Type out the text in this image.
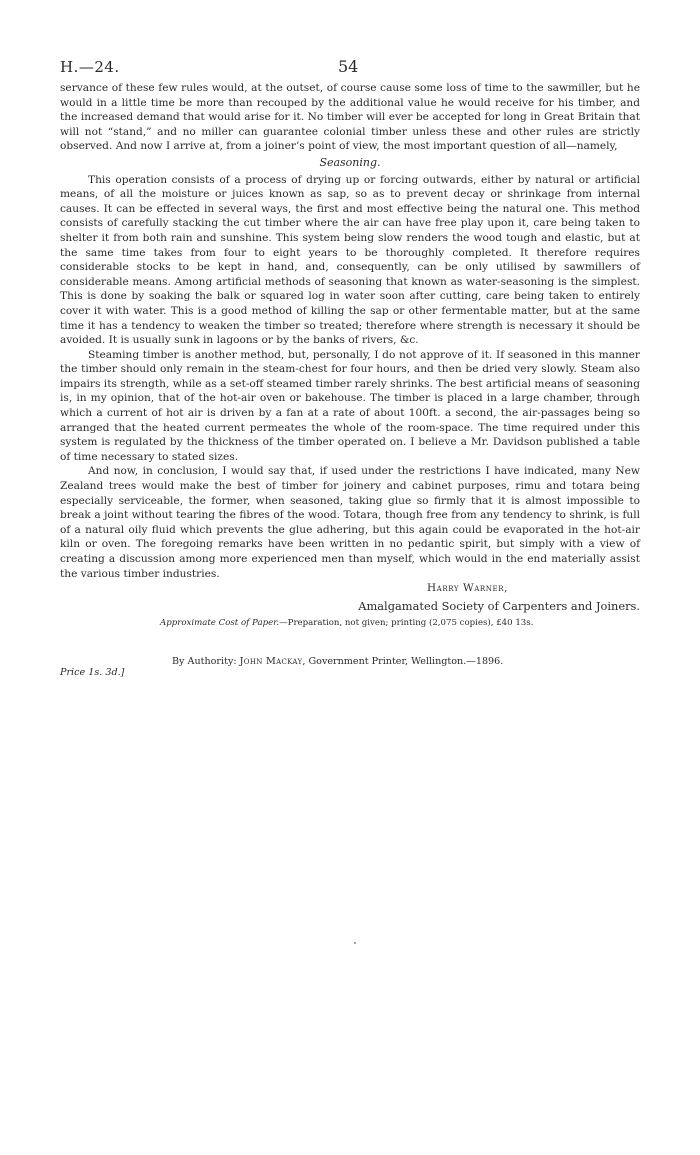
H.—24.	54

servance of these few rules would, at the outset, of course cause some loss of time to the sawmiller, but he would in a little time be more than recouped by the additional value he would receive for his timber, and the increased demand that would arise for it. No timber will ever be accepted for long in Great Britain that will not “stand,” and no miller can guarantee colonial timber unless these and other rules are strictly observed. And now I arrive at, from a joiner’s point of view, the most important question of all—namely,

Seasoning.

This operation consists of a process of drying up or forcing outwards, either by natural or artificial means, of all the moisture or juices known as sap, so as to prevent decay or shrinkage from internal causes. It can be effected in several ways, the first and most effective being the natural one. This method consists of carefully stacking the cut timber where the air can have free play upon it, care being taken to shelter it from both rain and sunshine. This system being slow renders the wood tough and elastic, but at the same time takes from four to eight years to be thoroughly completed. It therefore requires considerable stocks to be kept in hand, and, consequently, can be only utilised by sawmillers of considerable means. Among artificial methods of seasoning that known as water-seasoning is the simplest. This is done by soaking the balk or squared log in water soon after cutting, care being taken to entirely cover it with water. This is a good method of killing the sap or other fermentable matter, but at the same time it has a tendency to weaken the timber so treated; therefore where strength is necessary it should be avoided. It is usually sunk in lagoons or by the banks of rivers, &c.

Steaming timber is another method, but, personally, I do not approve of it. If seasoned in this manner the timber should only remain in the steam-chest for four hours, and then be dried very slowly. Steam also impairs its strength, while as a set-off steamed timber rarely shrinks. The best artificial means of seasoning is, in my opinion, that of the hot-air oven or bakehouse. The timber is placed in a large chamber, through which a current of hot air is driven by a fan at a rate of about 100ft. a second, the air-passages being so arranged that the heated current permeates the whole of the room-space. The time required under this system is regulated by the thickness of the timber operated on. I believe a Mr. Davidson published a table of time necessary to stated sizes.

And now, in conclusion, I would say that, if used under the restrictions I have indicated, many New Zealand trees would make the best of timber for joinery and cabinet purposes, rimu and totara being especially serviceable, the former, when seasoned, taking glue so firmly that it is almost impossible to break a joint without tearing the fibres of the wood. Totara, though free from any tendency to shrink, is full of a natural oily fluid which prevents the glue adhering, but this again could be evaporated in the hot-air kiln or oven. The foregoing remarks have been written in no pedantic spirit, but simply with a view of creating a discussion among more experienced men than myself, which would in the end materially assist the various timber industries.

Harry Warner,
Amalgamated Society of Carpenters and Joiners.
Approximate Cost of Paper.—Preparation, not given; printing (2,075 copies), £40 13s.
By Authority: John Mackay, Government Printer, Wellington.—1896.
Price 1s. 3d.]
